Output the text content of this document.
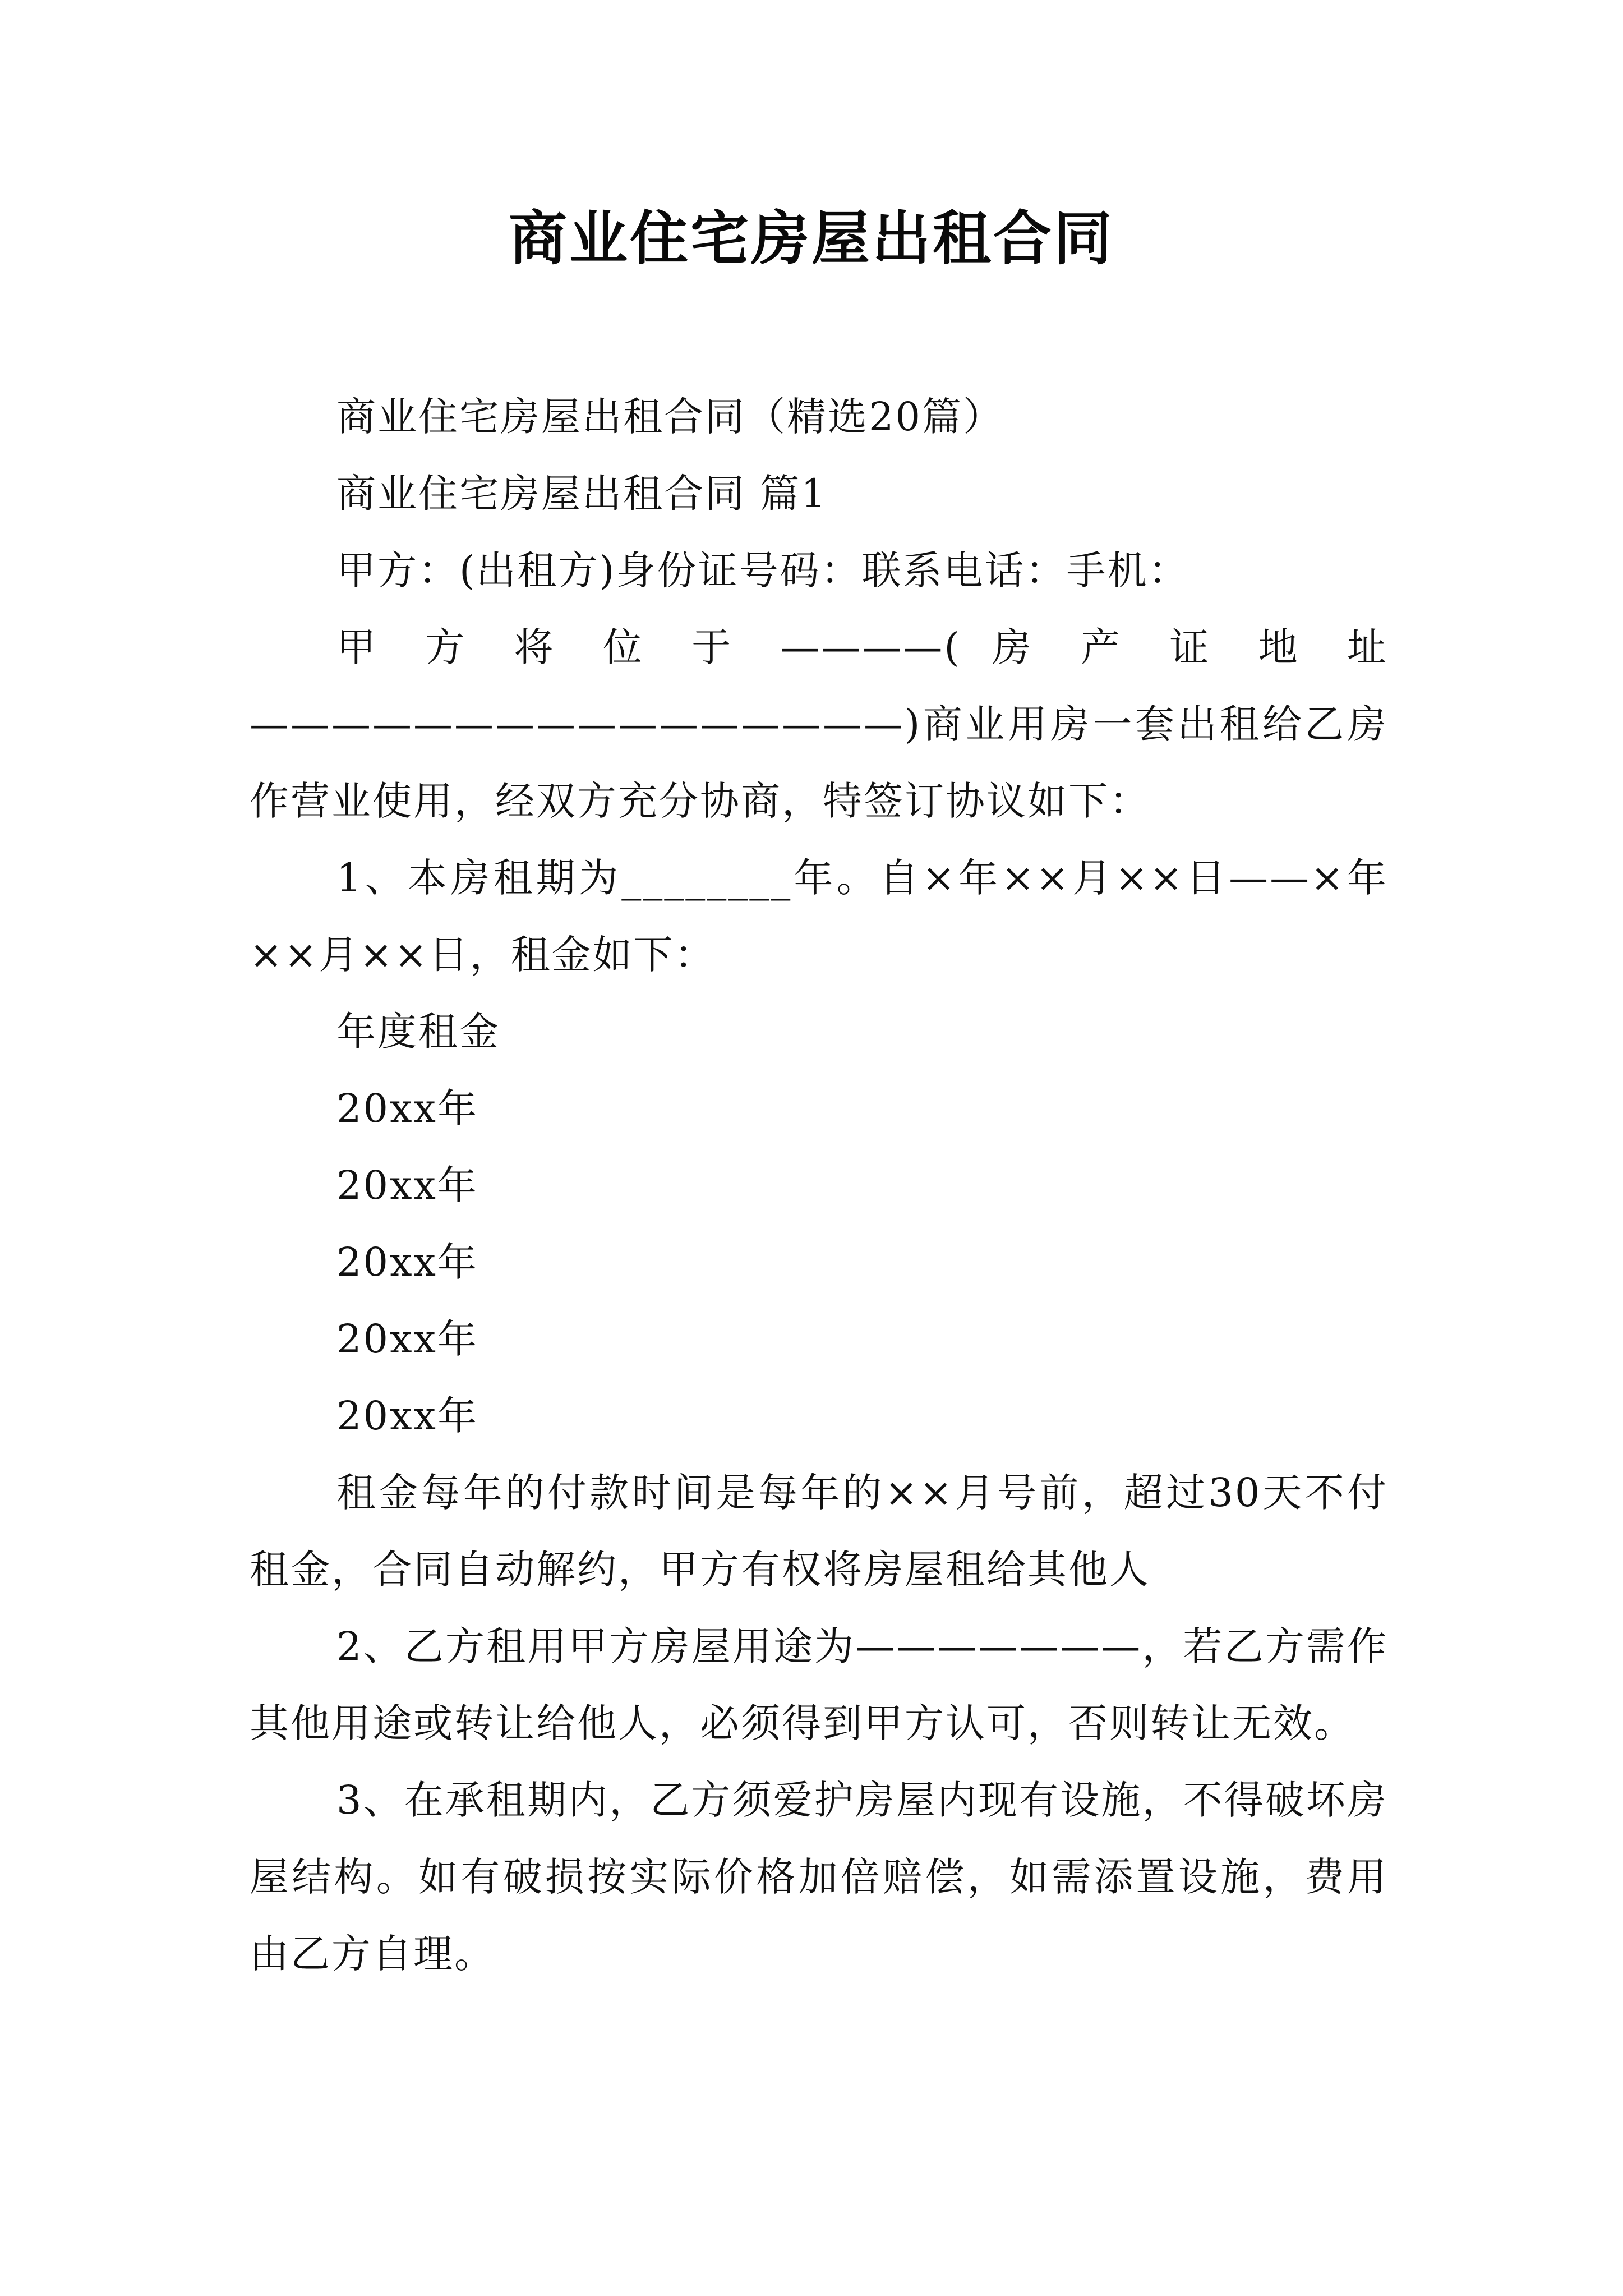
商业住宅房屋出租合同

商业住宅房屋出租合同（精选20篇）

商业住宅房屋出租合同 篇1

甲方：(出租方)身份证号码：联系电话：手机：

甲 方 将 位 于 ————( 房 产 证 地 址

————————————————)商业用房一套出租给乙房作营业使用，经双方充分协商，特签订协议如下：

1、本房租期为________年。自×年××月××日——×年××月××日，租金如下：

年度租金

20xx年

20xx年

20xx年

20xx年

20xx年

租金每年的付款时间是每年的××月号前，超过30天不付租金，合同自动解约，甲方有权将房屋租给其他人

2、乙方租用甲方房屋用途为———————，若乙方需作其他用途或转让给他人，必须得到甲方认可，否则转让无效。

3、在承租期内，乙方须爱护房屋内现有设施，不得破坏房屋结构。如有破损按实际价格加倍赔偿，如需添置设施，费用由乙方自理。
